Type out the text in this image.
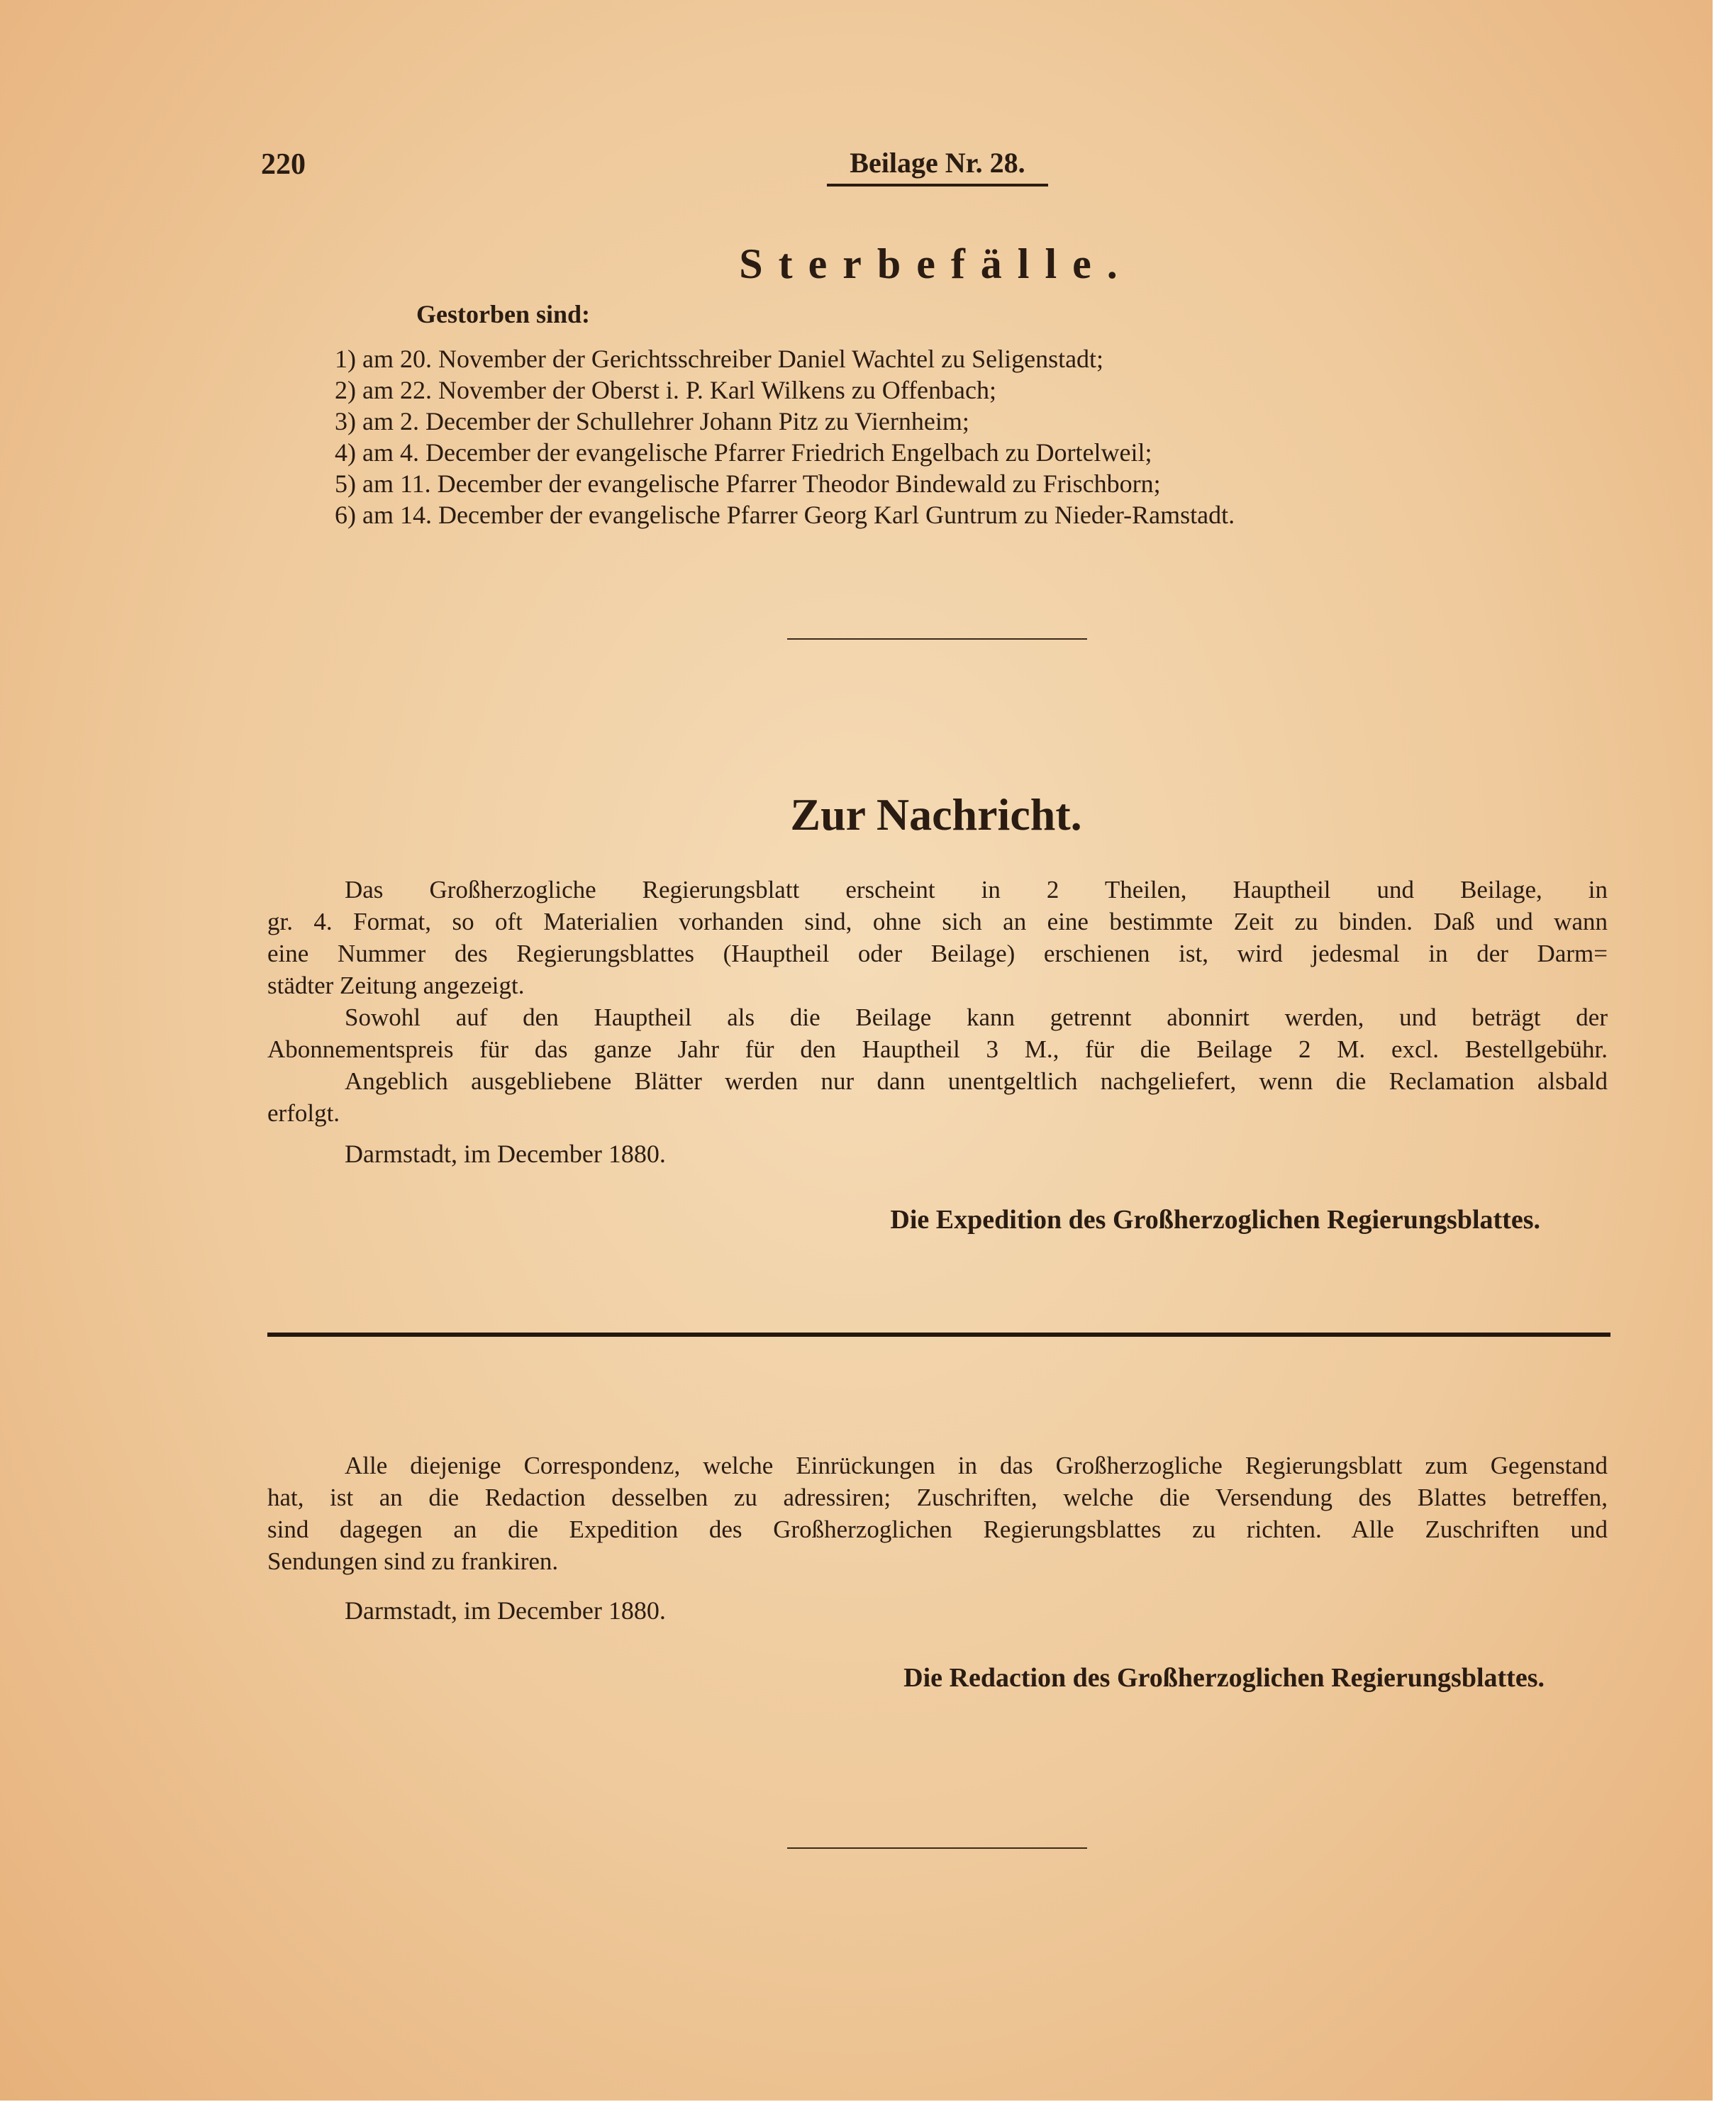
220	Beilage Nr. 28.
Sterbefälle.
Gestorben sind:
1) am 20. November der Gerichtsschreiber Daniel Wachtel zu Seligenstadt;
2) am 22. November der Oberst i. P. Karl Wilkens zu Offenbach;
3) am 2. December der Schullehrer Johann Pitz zu Viernheim;
4) am 4. December der evangelische Pfarrer Friedrich Engelbach zu Dortelweil;
5) am 11. December der evangelische Pfarrer Theodor Bindewald zu Frischborn;
6) am 14. December der evangelische Pfarrer Georg Karl Guntrum zu Nieder-Ramstadt.
Zur Nachricht.
Das Großherzogliche Regierungsblatt erscheint in 2 Theilen, Hauptheil und Beilage, in
gr. 4. Format, so oft Materialien vorhanden sind, ohne sich an eine bestimmte Zeit zu binden. Daß und wann
eine Nummer des Regierungsblattes (Hauptheil oder Beilage) erschienen ist, wird jedesmal in der Darm=
städter Zeitung angezeigt.
Sowohl auf den Hauptheil als die Beilage kann getrennt abonnirt werden, und beträgt der
Abonnementspreis für das ganze Jahr für den Hauptheil 3 M., für die Beilage 2 M. excl. Bestellgebühr.
Angeblich ausgebliebene Blätter werden nur dann unentgeltlich nachgeliefert, wenn die Reclamation alsbald
erfolgt.
Darmstadt, im December 1880.
Die Expedition des Großherzoglichen Regierungsblattes.
Alle diejenige Correspondenz, welche Einrückungen in das Großherzogliche Regierungsblatt zum Gegenstand
hat, ist an die Redaction desselben zu adressiren; Zuschriften, welche die Versendung des Blattes betreffen,
sind dagegen an die Expedition des Großherzoglichen Regierungsblattes zu richten. Alle Zuschriften und
Sendungen sind zu frankiren.
Darmstadt, im December 1880.
Die Redaction des Großherzoglichen Regierungsblattes.
